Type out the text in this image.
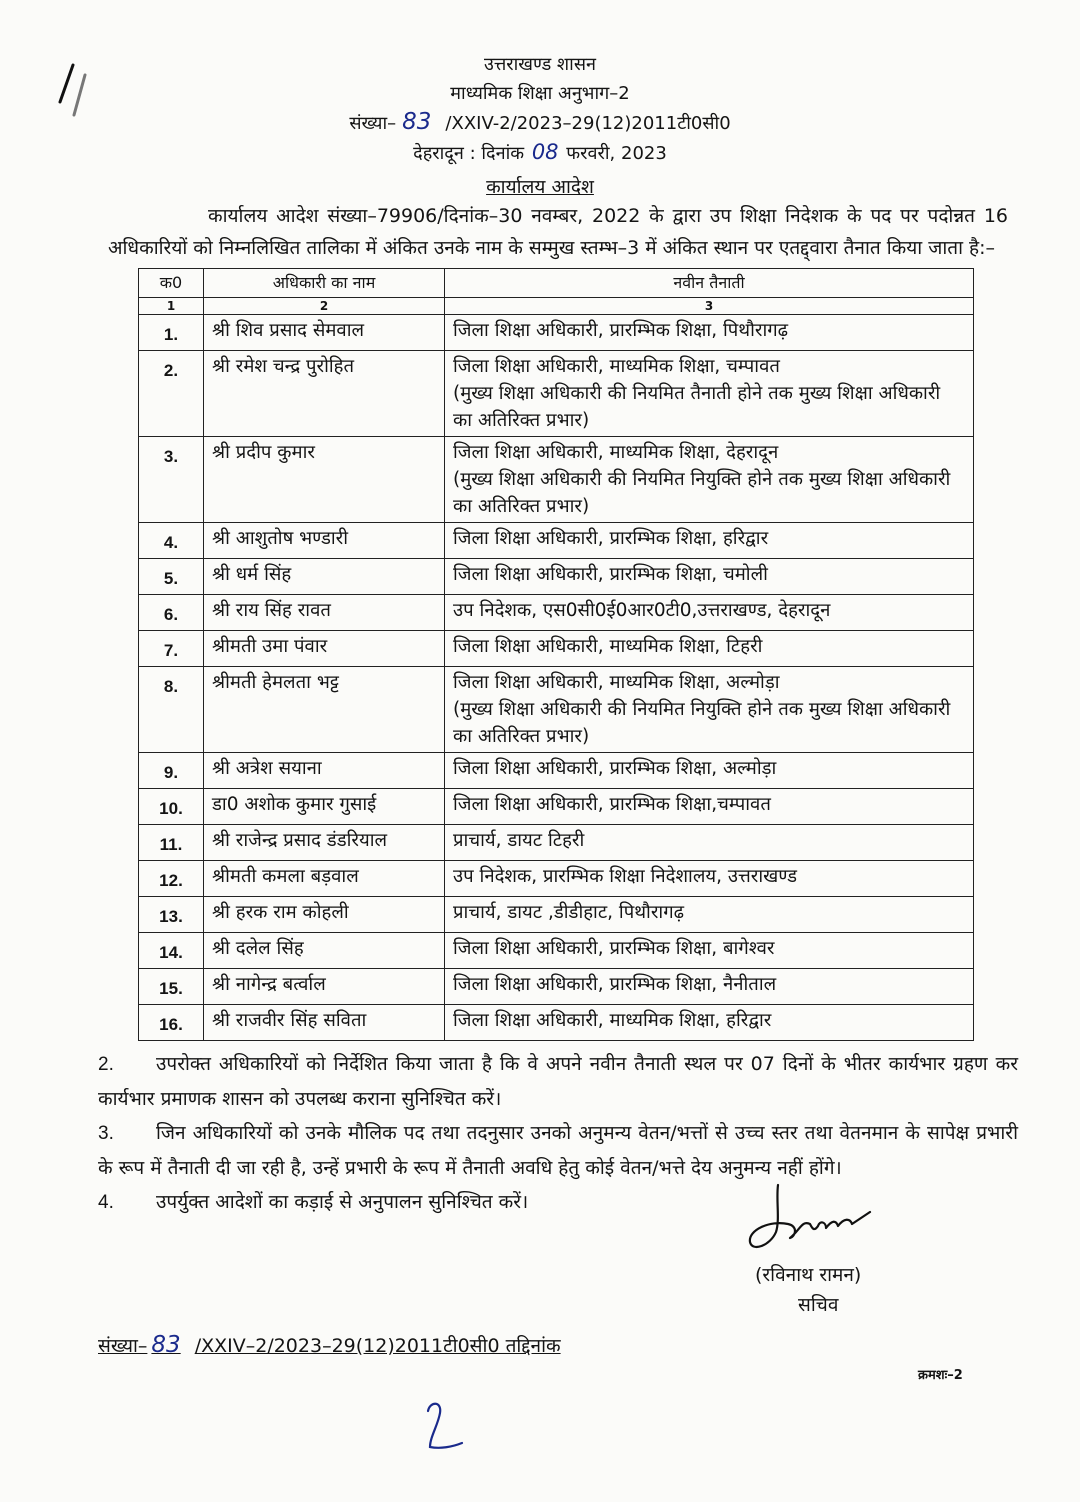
उत्तराखण्ड शासन
माध्यमिक शिक्षा अनुभाग–2
संख्या– 83 /XXIV-2/2023–29(12)2011टी0सी0
देहरादून : दिनांक 08 फरवरी, 2023
कार्यालय आदेश
कार्यालय आदेश संख्या–79906/दिनांक–30 नवम्बर, 2022 के द्वारा उप शिक्षा निदेशक के पद पर पदोन्नत 16 अधिकारियों को निम्नलिखित तालिका में अंकित उनके नाम के सम्मुख स्तम्भ–3 में अंकित स्थान पर एतद्द्वारा तैनात किया जाता है:–
क0	अधिकारी का नाम	नवीन तैनाती
1	2	3
1.	श्री शिव प्रसाद सेमवाल	जिला शिक्षा अधिकारी, प्रारम्भिक शिक्षा, पिथौरागढ़

2.	श्री रमेश चन्द्र पुरोहित	जिला शिक्षा अधिकारी, माध्यमिक शिक्षा, चम्पावत
(मुख्य शिक्षा अधिकारी की नियमित तैनाती होने तक मुख्य शिक्षा अधिकारी का अतिरिक्त प्रभार)

3.	श्री प्रदीप कुमार	जिला शिक्षा अधिकारी, माध्यमिक शिक्षा, देहरादून
(मुख्य शिक्षा अधिकारी की नियमित नियुक्ति होने तक मुख्य शिक्षा अधिकारी का अतिरिक्त प्रभार)

4.	श्री आशुतोष भण्डारी	जिला शिक्षा अधिकारी, प्रारम्भिक शिक्षा, हरिद्वार

5.	श्री धर्म सिंह	जिला शिक्षा अधिकारी, प्रारम्भिक शिक्षा, चमोली

6.	श्री राय सिंह रावत	उप निदेशक, एस0सी0ई0आर0टी0,उत्तराखण्ड, देहरादून

7.	श्रीमती उमा पंवार	जिला शिक्षा अधिकारी, माध्यमिक शिक्षा, टिहरी

8.	श्रीमती हेमलता भट्ट	जिला शिक्षा अधिकारी, माध्यमिक शिक्षा, अल्मोड़ा
(मुख्य शिक्षा अधिकारी की नियमित नियुक्ति होने तक मुख्य शिक्षा अधिकारी का अतिरिक्त प्रभार)

9.	श्री अत्रेश सयाना	जिला शिक्षा अधिकारी, प्रारम्भिक शिक्षा, अल्मोड़ा

10.	डा0 अशोक कुमार गुसाई	जिला शिक्षा अधिकारी, प्रारम्भिक शिक्षा,चम्पावत

11.	श्री राजेन्द्र प्रसाद डंडरियाल	प्राचार्य, डायट टिहरी

12.	श्रीमती कमला बड़वाल	उप निदेशक, प्रारम्भिक शिक्षा निदेशालय, उत्तराखण्ड

13.	श्री हरक राम कोहली	प्राचार्य, डायट ,डीडीहाट, पिथौरागढ़

14.	श्री दलेल सिंह	जिला शिक्षा अधिकारी, प्रारम्भिक शिक्षा, बागेश्वर

15.	श्री नागेन्द्र बर्त्वाल	जिला शिक्षा अधिकारी, प्रारम्भिक शिक्षा, नैनीताल

16.	श्री राजवीर सिंह सविता	जिला शिक्षा अधिकारी, माध्यमिक शिक्षा, हरिद्वार

2. उपरोक्त अधिकारियों को निर्देशित किया जाता है कि वे अपने नवीन तैनाती स्थल पर 07 दिनों के भीतर कार्यभार ग्रहण कर कार्यभार प्रमाणक शासन को उपलब्ध कराना सुनिश्चित करें।

3. जिन अधिकारियों को उनके मौलिक पद तथा तदनुसार उनको अनुमन्य वेतन/भत्तों से उच्च स्तर तथा वेतनमान के सापेक्ष प्रभारी के रूप में तैनाती दी जा रही है, उन्हें प्रभारी के रूप में तैनाती अवधि हेतु कोई वेतन/भत्ते देय अनुमन्य नहीं होंगे।

4. उपर्युक्त आदेशों का कड़ाई से अनुपालन सुनिश्चित करें।

(रविनाथ रामन)
सचिव
संख्या– 83 /XXIV–2/2023–29(12)2011टी0सी0 तद्दिनांक
क्रमशः–2
